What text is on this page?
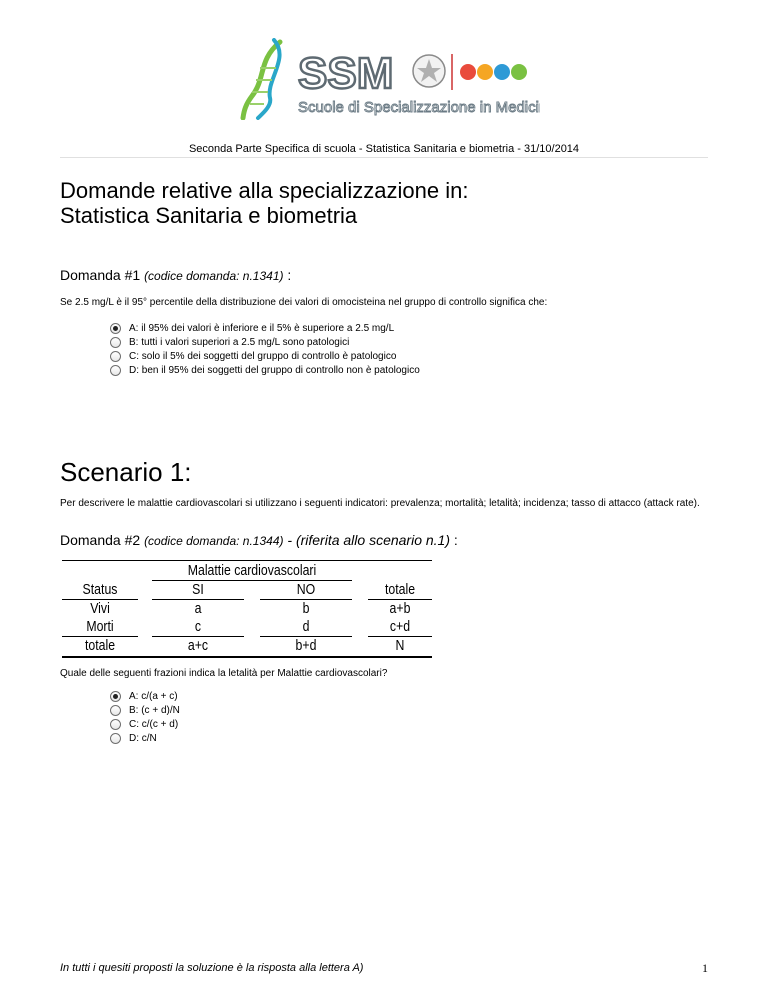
SSM
Scuole di Specializzazione in Medicina
Seconda Parte Specifica di scuola - Statistica Sanitaria e biometria - 31/10/2014
Domande relative alla specializzazione in:
Statistica Sanitaria e biometria
Domanda #1 (codice domanda: n.1341) :
Se 2.5 mg/L è il 95° percentile della distribuzione dei valori di omocisteina nel gruppo di controllo significa che:
A: il 95% dei valori è inferiore e il 5% è superiore a 2.5 mg/L
B: tutti i valori superiori a 2.5 mg/L sono patologici
C: solo il 5% dei soggetti del gruppo di controllo è patologico
D: ben il 95% dei soggetti del gruppo di controllo non è patologico
Scenario 1:
Per descrivere le malattie cardiovascolari si utilizzano i seguenti indicatori: prevalenza; mortalità; letalità; incidenza; tasso di attacco (attack rate).
Domanda #2 (codice domanda: n.1344) - (riferita allo scenario n.1) :
Malattie cardiovascolari
Status	SI	NO	totale
Vivi	a	b	a+b
Morti	c	d	c+d
totale	a+c	b+d	N
Quale delle seguenti frazioni indica la letalità per Malattie cardiovascolari?
A: c/(a + c)
B: (c + d)/N
C: c/(c + d)
D: c/N
In tutti i quesiti proposti la soluzione è la risposta alla lettera A)	1
